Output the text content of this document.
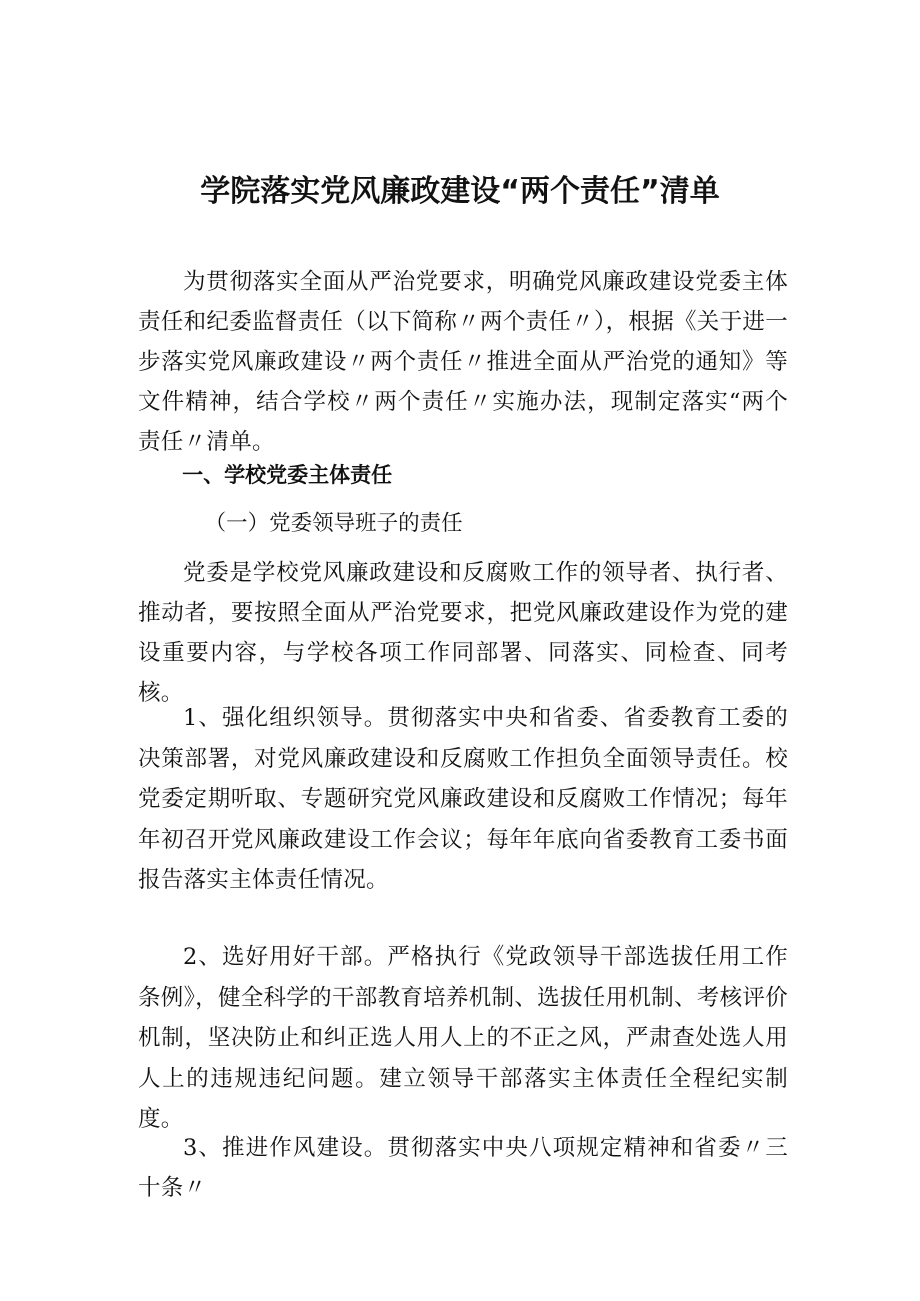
学院落实党风廉政建设“两个责任”清单

为贯彻落实全面从严治党要求，明确党风廉政建设党委主体责任和纪委监督责任（以下简称〃两个责任〃），根据《关于进一步落实党风廉政建设〃两个责任〃推进全面从严治党的通知》等文件精神，结合学校〃两个责任〃实施办法，现制定落实“两个责任〃清单。

一、学校党委主体责任

（一）党委领导班子的责任

党委是学校党风廉政建设和反腐败工作的领导者、执行者、推动者，要按照全面从严治党要求，把党风廉政建设作为党的建设重要内容，与学校各项工作同部署、同落实、同检查、同考核。

1、强化组织领导。贯彻落实中央和省委、省委教育工委的决策部署，对党风廉政建设和反腐败工作担负全面领导责任。校党委定期听取、专题研究党风廉政建设和反腐败工作情况；每年年初召开党风廉政建设工作会议；每年年底向省委教育工委书面报告落实主体责任情况。

2、选好用好干部。严格执行《党政领导干部选拔任用工作条例》，健全科学的干部教育培养机制、选拔任用机制、考核评价机制，坚决防止和纠正选人用人上的不正之风，严肃查处选人用人上的违规违纪问题。建立领导干部落实主体责任全程纪实制度。

3、推进作风建设。贯彻落实中央八项规定精神和省委〃三十条〃
